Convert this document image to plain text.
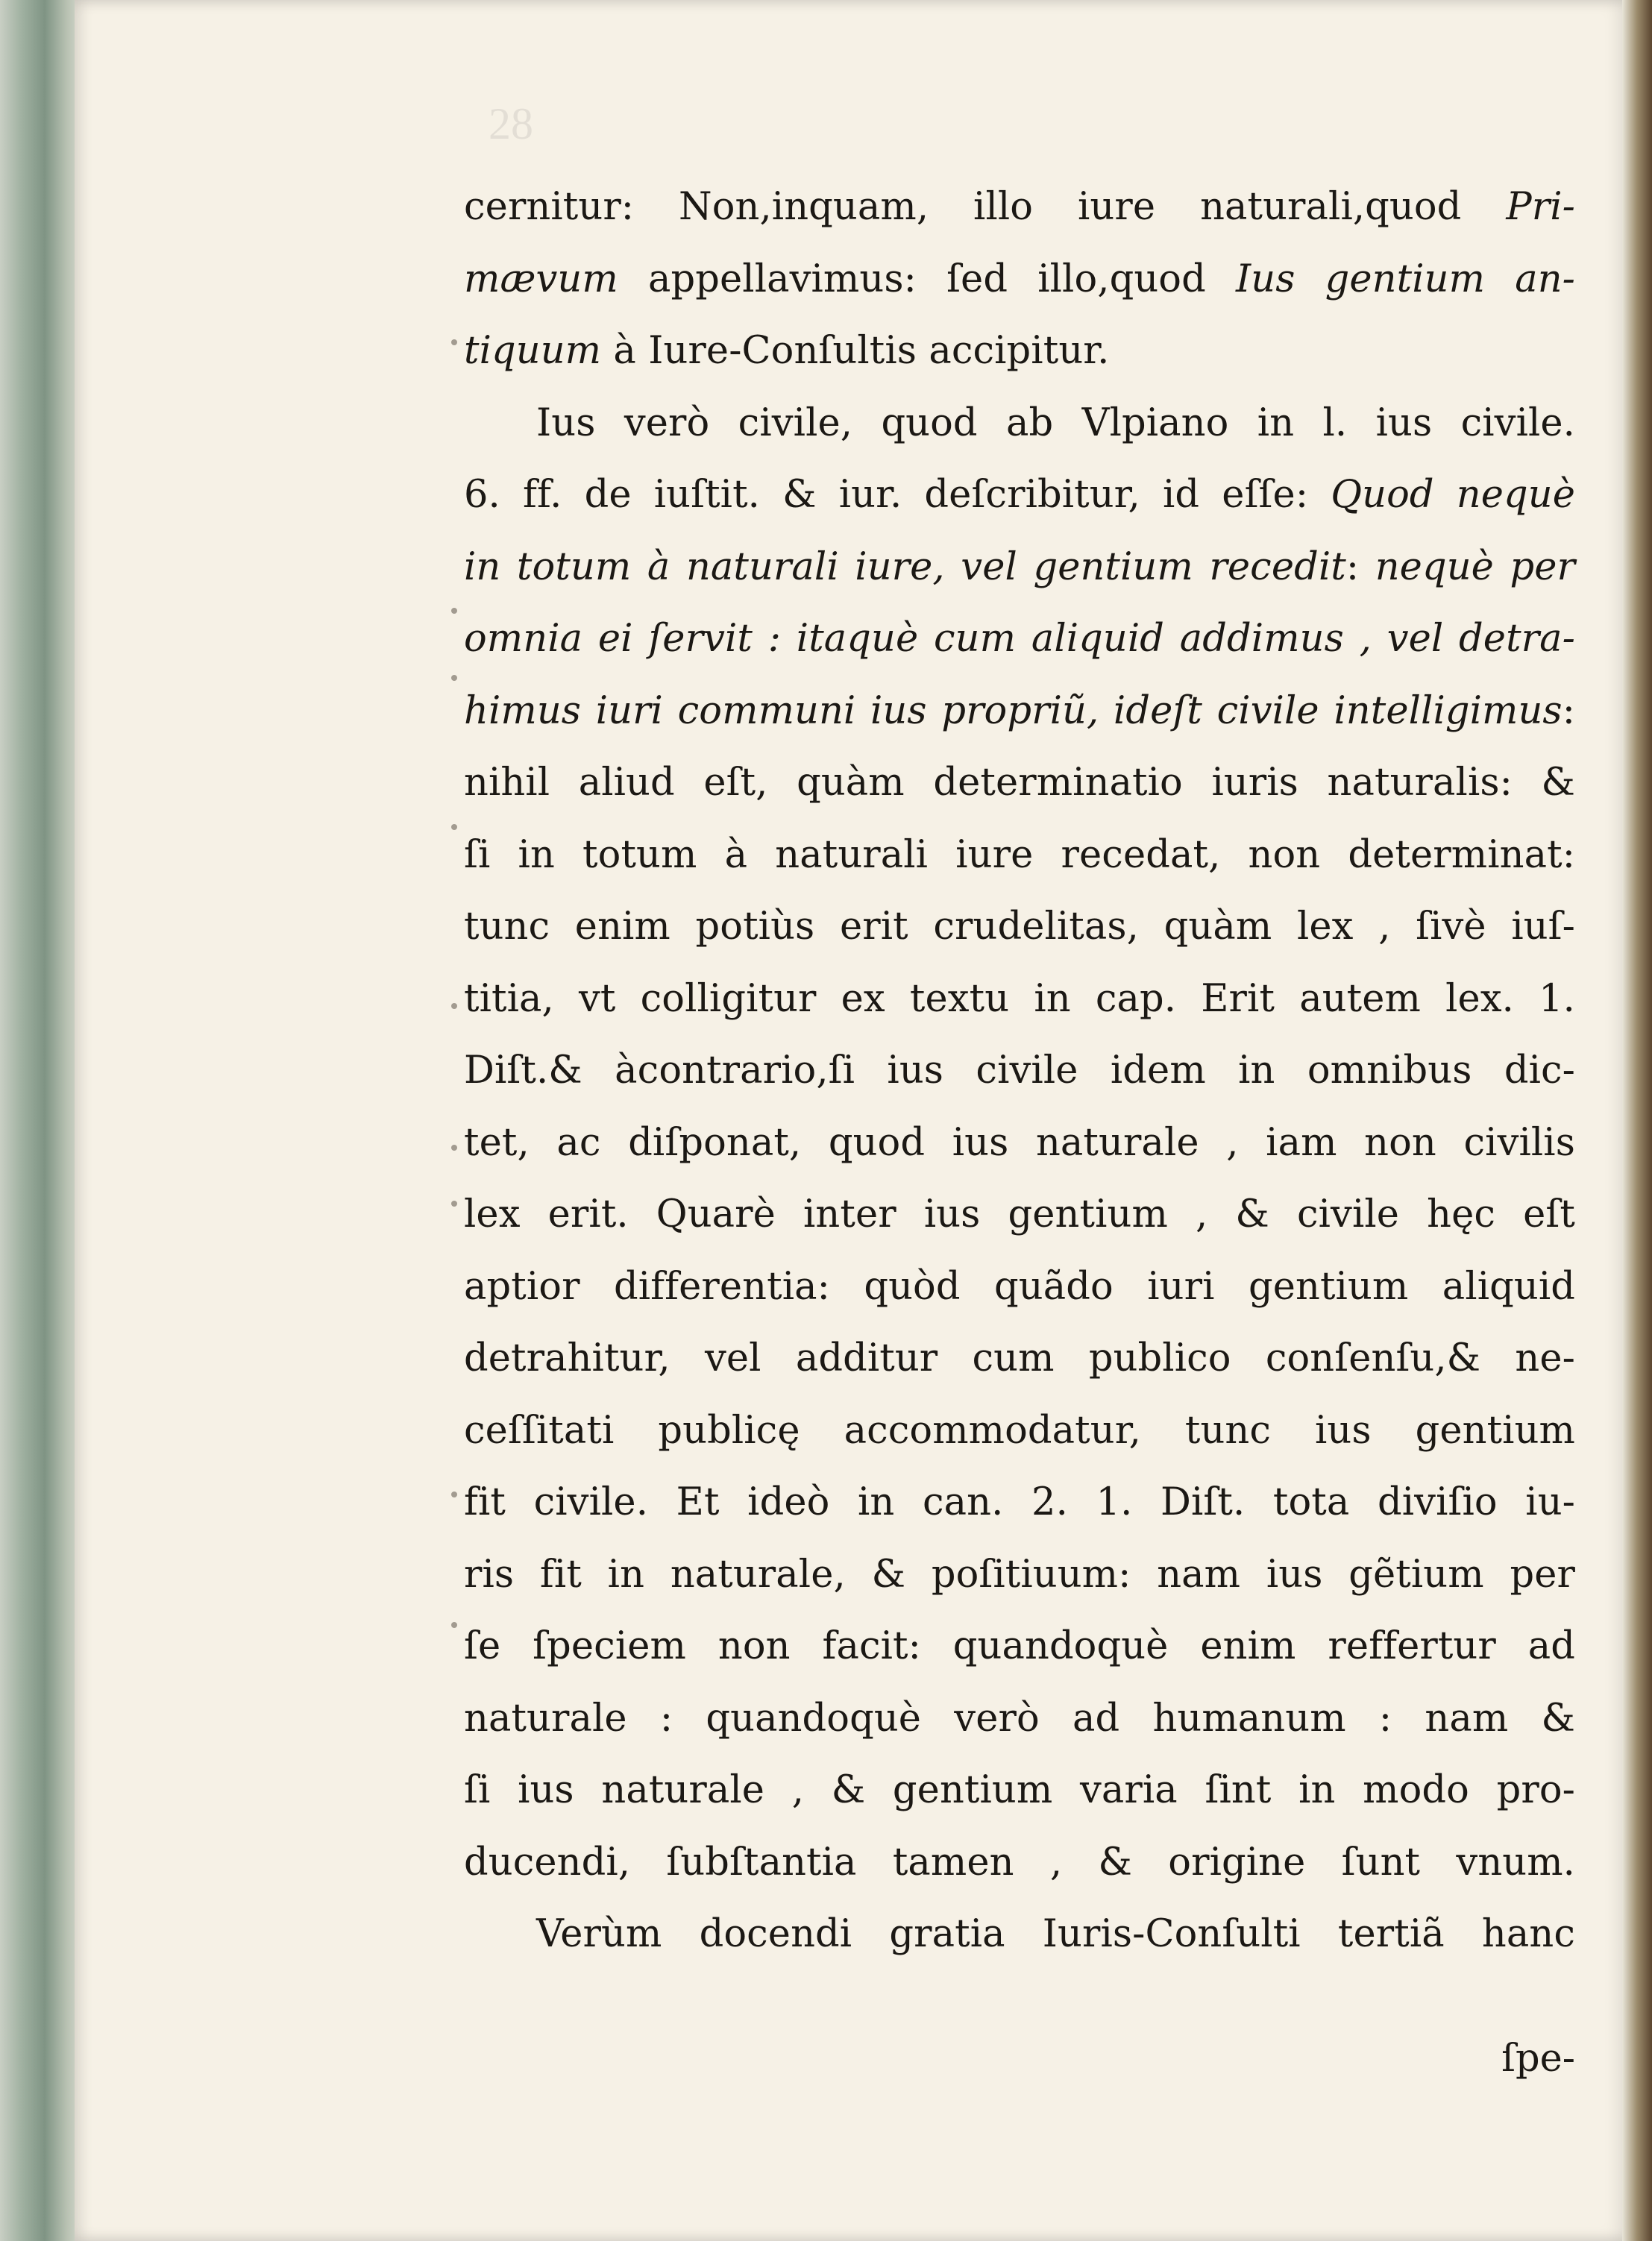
28
cernitur: Non,inquam, illo iure naturali,quod Pri-
mævum appellavimus: ſed illo,quod Ius gentium an-
tiquum à Iure-Conſultis accipitur.
Ius verò civile, quod ab Vlpiano in l. ius civile.
6. ff. de iuſtit. & iur. deſcribitur, id eſſe: Quod nequè
in totum à naturali iure, vel gentium recedit: nequè per
omnia ei ſervit : itaquè cum aliquid addimus , vel detra-
himus iuri communi ius propriũ, ideſt civile intelligimus:
nihil aliud eſt, quàm determinatio iuris naturalis: &
ſi in totum à naturali iure recedat, non determinat:
tunc enim potiùs erit crudelitas, quàm lex , ſivè iuſ-
titia, vt colligitur ex textu in cap. Erit autem lex. 1.
Diſt.& àcontrario,ſi ius civile idem in omnibus dic-
tet, ac diſponat, quod ius naturale , iam non civilis
lex erit. Quarè inter ius gentium , & civile hęc eſt
aptior differentia: quòd quãdo iuri gentium aliquid
detrahitur, vel additur cum publico conſenſu,& ne-
ceſſitati publicę accommodatur, tunc ius gentium
fit civile. Et ideò in can. 2. 1. Diſt. tota diviſio iu-
ris fit in naturale, & poſitiuum: nam ius gẽtium per
ſe ſpeciem non facit: quandoquè enim reffertur ad
naturale : quandoquè verò ad humanum : nam &
ſi ius naturale , & gentium varia ſint in modo pro-
ducendi, ſubſtantia tamen , & origine ſunt vnum.
Verùm docendi gratia Iuris-Conſulti tertiã hanc
ſpe-
